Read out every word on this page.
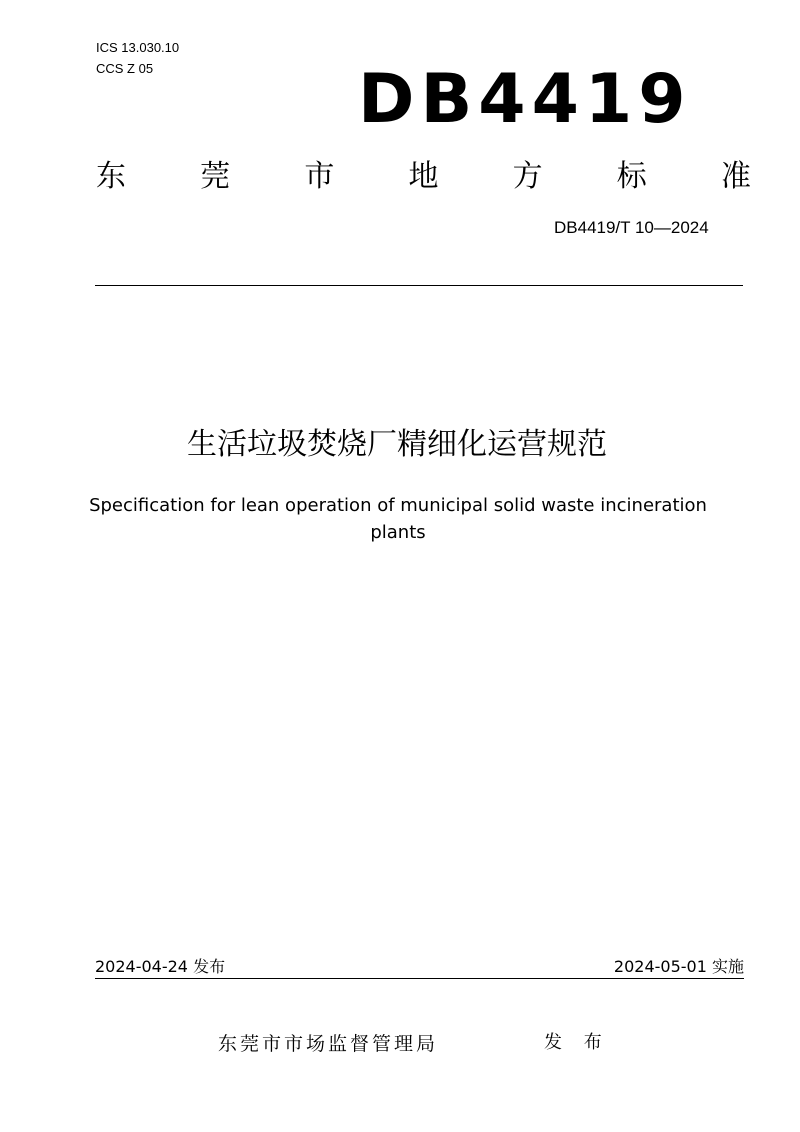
ICS 13.030.10
CCS Z 05	DB4419
东 莞 市 地 方 标 准
DB4419/T 10—2024
生活垃圾焚烧厂精细化运营规范
Specification for lean operation of municipal solid waste incineration plants
2024-04-24 发布	2024-05-01 实施
东莞市市场监督管理局	发 布
